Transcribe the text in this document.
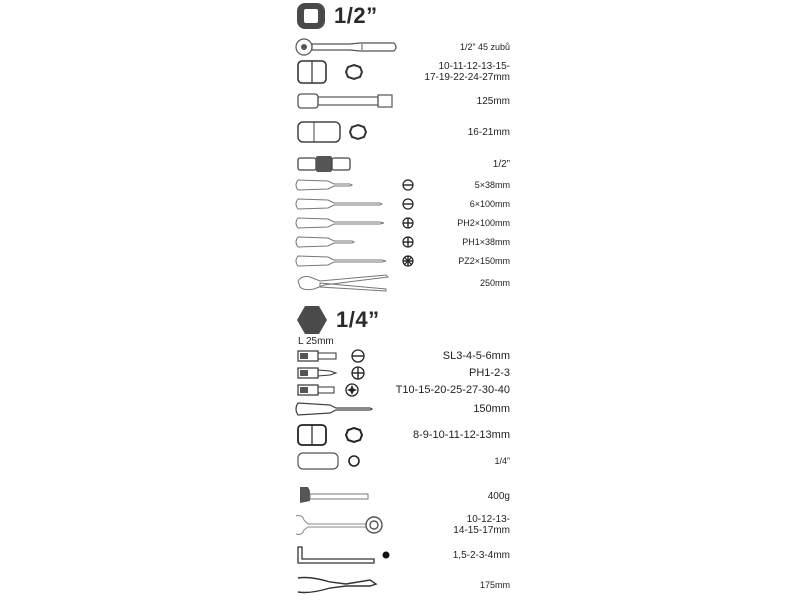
1/2”
1/2” 45 zubů
10-11-12-13-15-
17-19-22-24-27mm
125mm
16-21mm
1/2”
5×38mm
6×100mm
PH2×100mm
PH1×38mm
PZ2×150mm
250mm
1/4”
L 25mm
SL3-4-5-6mm
PH1-2-3
T10-15-20-25-27-30-40
150mm
8-9-10-11-12-13mm
1/4”
400g
10-12-13-
14-15-17mm
1,5-2-3-4mm
175mm
